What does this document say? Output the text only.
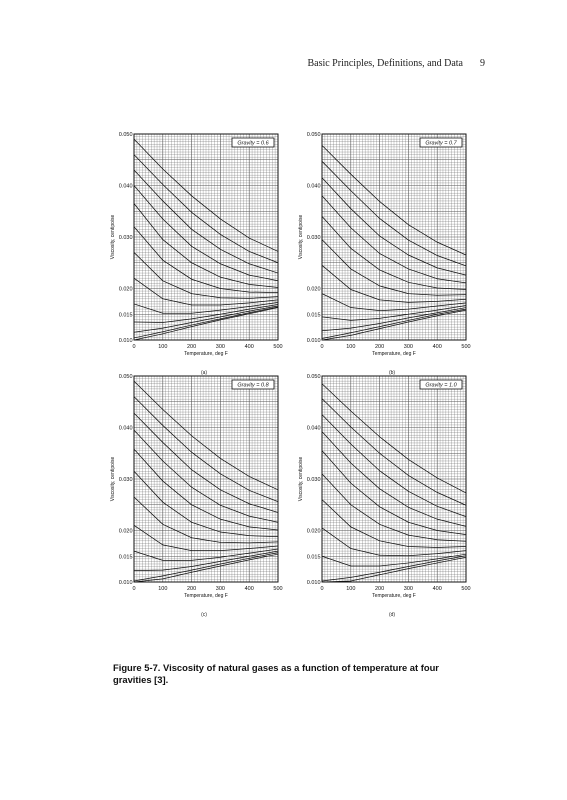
Basic Principles, Definitions, and Data 9
0	100	200	300	400	500
0.010
0.015
0.020
0.030
0.040
0.050
Temperature, deg F
Viscosity, centipoise
Gravity = 0.6
(a)
0	100	200	300	400	500
0.010
0.015
0.020
0.030
0.040
0.050
Temperature, deg F
Viscosity, centipoise
Gravity = 0.7
(b)
0	100	200	300	400	500
0.010
0.015
0.020
0.030
0.040
0.050
Temperature, deg F
Viscosity, centipoise
Gravity = 0.8
(c)
0	100	200	300	400	500
0.010
0.015
0.020
0.030
0.040
0.050
Temperature, deg F
Viscosity, centipoise
Gravity = 1.0
(d)
Figure 5-7. Viscosity of natural gases as a function of temperature at four gravities [3].
